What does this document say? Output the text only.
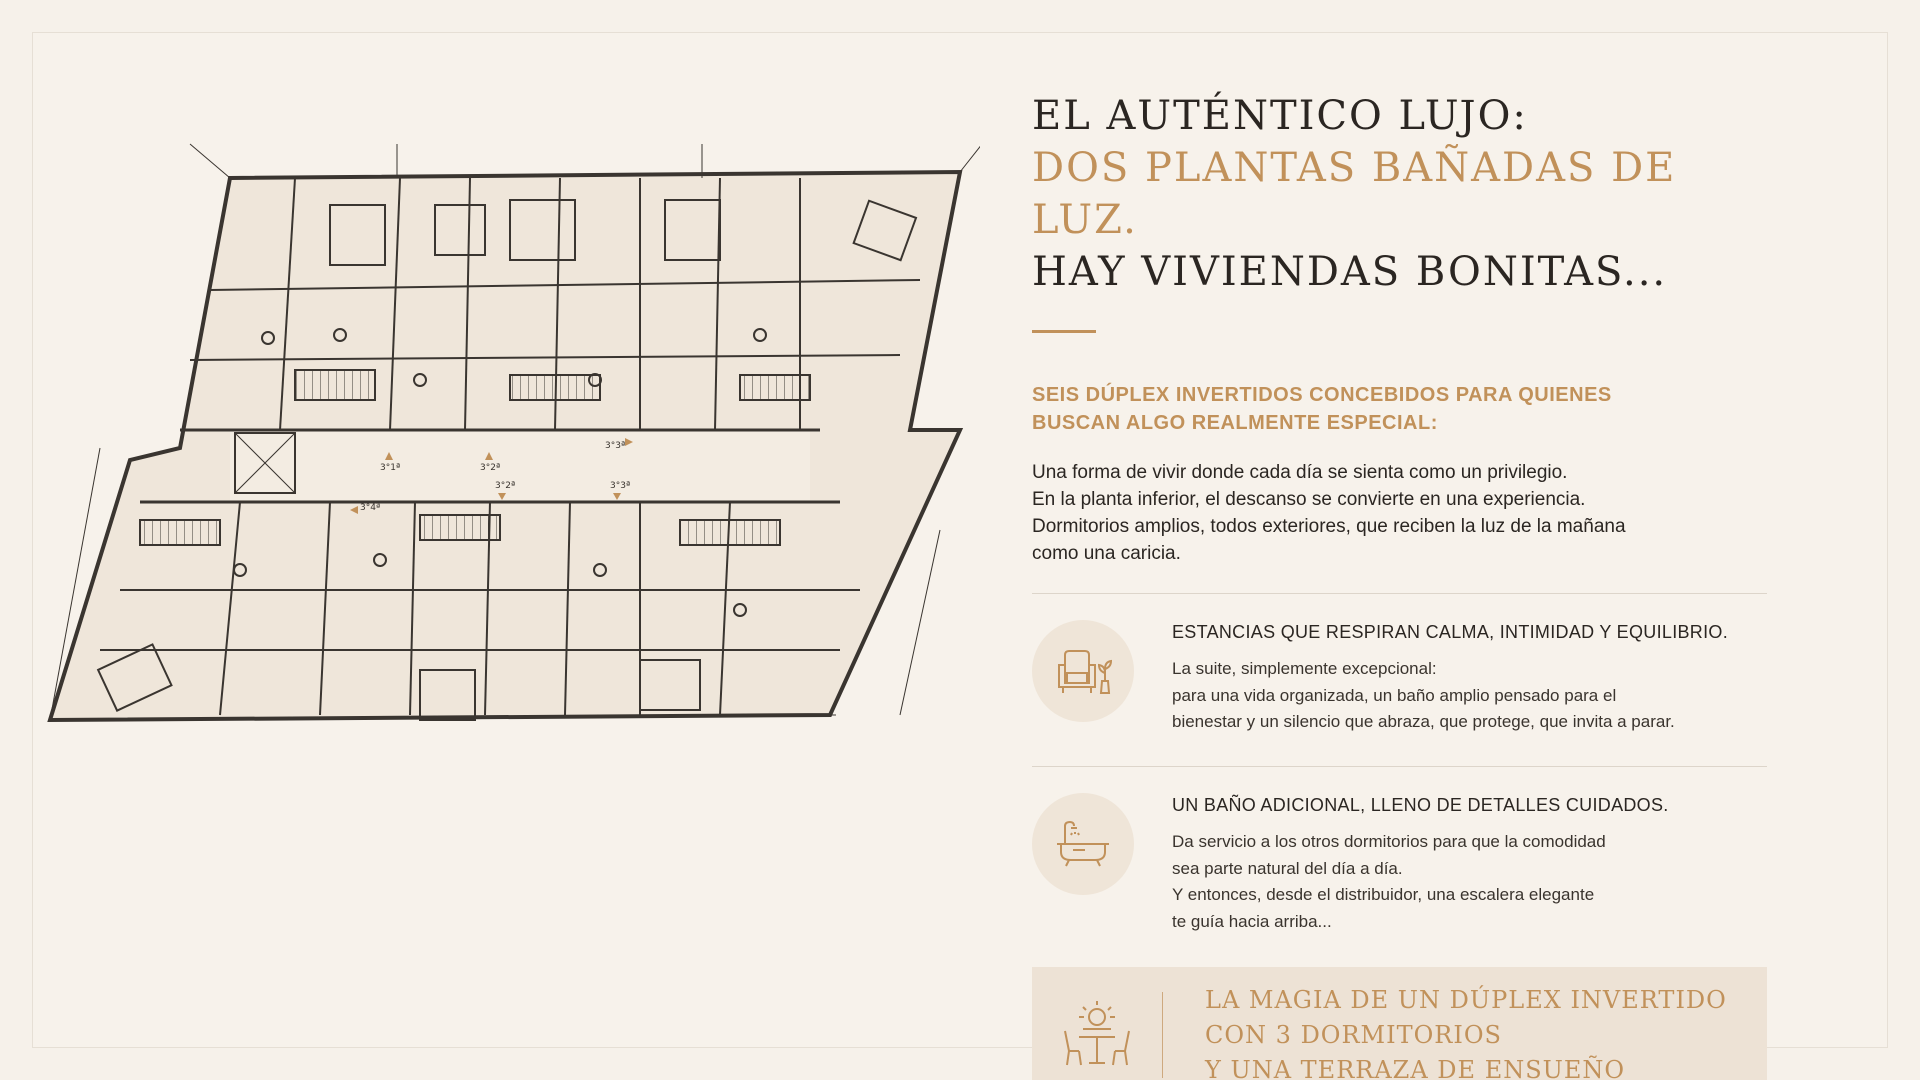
3°1ª	3°2ª
3°3ª
3°2ª	3°3ª
3°4ª
EL AUTÉNTICO LUJO:
DOS PLANTAS BAÑADAS DE LUZ.
HAY VIVIENDAS BONITAS...
SEIS DÚPLEX INVERTIDOS CONCEBIDOS PARA QUIENES
BUSCAN ALGO REALMENTE ESPECIAL:
Una forma de vivir donde cada día se sienta como un privilegio.
En la planta inferior, el descanso se convierte en una experiencia.
Dormitorios amplios, todos exteriores, que reciben la luz de la mañana
como una caricia.
ESTANCIAS QUE RESPIRAN CALMA, INTIMIDAD Y EQUILIBRIO.
La suite, simplemente excepcional:
para una vida organizada, un baño amplio pensado para el
bienestar y un silencio que abraza, que protege, que invita a parar.
UN BAÑO ADICIONAL, LLENO DE DETALLES CUIDADOS.
Da servicio a los otros dormitorios para que la comodidad
sea parte natural del día a día.
Y entonces, desde el distribuidor, una escalera elegante
te guía hacia arriba...
LA MAGIA DE UN DÚPLEX INVERTIDO
CON 3 DORMITORIOS
Y UNA TERRAZA DE ENSUEÑO
